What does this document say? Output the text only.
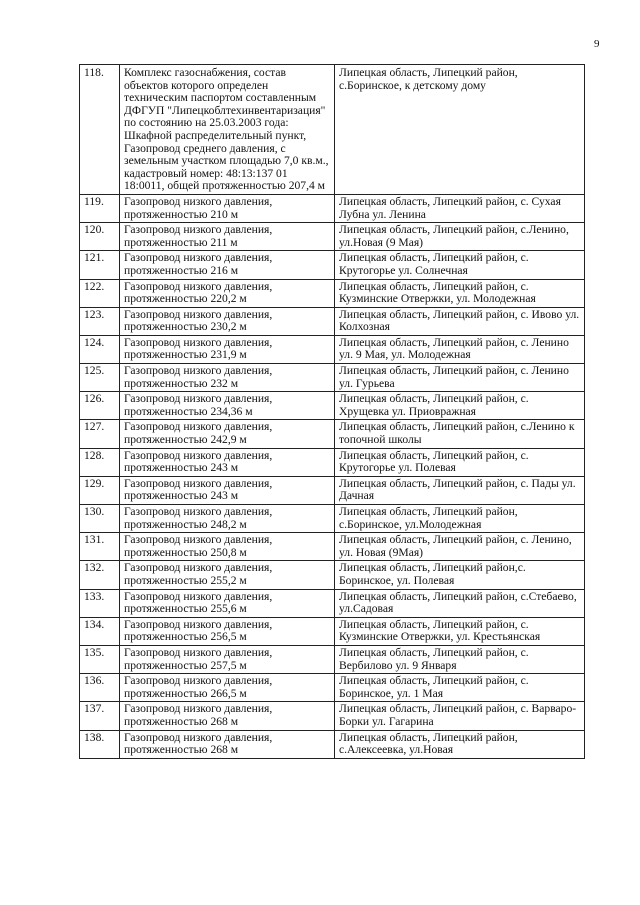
9
118.	Комплекс газоснабжения, состав объектов которого определен техническим паспортом составленным ДФГУП "Липецкоблтехинвентаризация" по состоянию на 25.03.2003 года: Шкафной распределительный пункт, Газопровод среднего давления, с земельным участком площадью 7,0 кв.м., кадастровый номер: 48:13:137 01 18:0011, общей протяженностью 207,4 м	Липецкая область, Липецкий район, с.Боринское, к детскому дому
119.	Газопровод низкого давления, протяженностью 210 м	Липецкая область, Липецкий район, с. Сухая Лубна ул. Ленина
120.	Газопровод низкого давления, протяженностью 211 м	Липецкая область, Липецкий район, с.Ленино, ул.Новая (9 Мая)
121.	Газопровод низкого давления, протяженностью 216 м	Липецкая область, Липецкий район, с. Крутогорье ул. Солнечная
122.	Газопровод низкого давления, протяженностью 220,2 м	Липецкая область, Липецкий район, с. Кузминские Отвержки, ул. Молодежная
123.	Газопровод низкого давления, протяженностью 230,2 м	Липецкая область, Липецкий район, с. Ивово ул. Колхозная
124.	Газопровод низкого давления, протяженностью 231,9 м	Липецкая область, Липецкий район, с. Ленино ул. 9 Мая, ул. Молодежная
125.	Газопровод низкого давления, протяженностью 232 м	Липецкая область, Липецкий район, с. Ленино ул. Гурьева
126.	Газопровод низкого давления, протяженностью 234,36 м	Липецкая область, Липецкий район, с. Хрущевка ул. Приовражная
127.	Газопровод низкого давления, протяженностью 242,9 м	Липецкая область, Липецкий район, с.Ленино к топочной школы
128.	Газопровод низкого давления, протяженностью 243 м	Липецкая область, Липецкий район, с. Крутогорье ул. Полевая
129.	Газопровод низкого давления, протяженностью 243 м	Липецкая область, Липецкий район, с. Пады ул. Дачная
130.	Газопровод низкого давления, протяженностью 248,2 м	Липецкая область, Липецкий район, с.Боринское, ул.Молодежная
131.	Газопровод низкого давления, протяженностью 250,8 м	Липецкая область, Липецкий район, с. Ленино, ул. Новая (9Мая)
132.	Газопровод низкого давления, протяженностью 255,2 м	Липецкая область, Липецкий район,с. Боринское, ул. Полевая
133.	Газопровод низкого давления, протяженностью 255,6 м	Липецкая область, Липецкий район, с.Стебаево, ул.Садовая
134.	Газопровод низкого давления, протяженностью 256,5 м	Липецкая область, Липецкий район, с. Кузминские Отвержки, ул. Крестьянская
135.	Газопровод низкого давления, протяженностью 257,5 м	Липецкая область, Липецкий район, с. Вербилово ул. 9 Января
136.	Газопровод низкого давления, протяженностью 266,5 м	Липецкая область, Липецкий район, с. Боринское, ул. 1 Мая
137.	Газопровод низкого давления, протяженностью 268 м	Липецкая область, Липецкий район, с. Варваро-Борки ул. Гагарина
138.	Газопровод низкого давления, протяженностью 268 м	Липецкая область, Липецкий район, с.Алексеевка, ул.Новая
